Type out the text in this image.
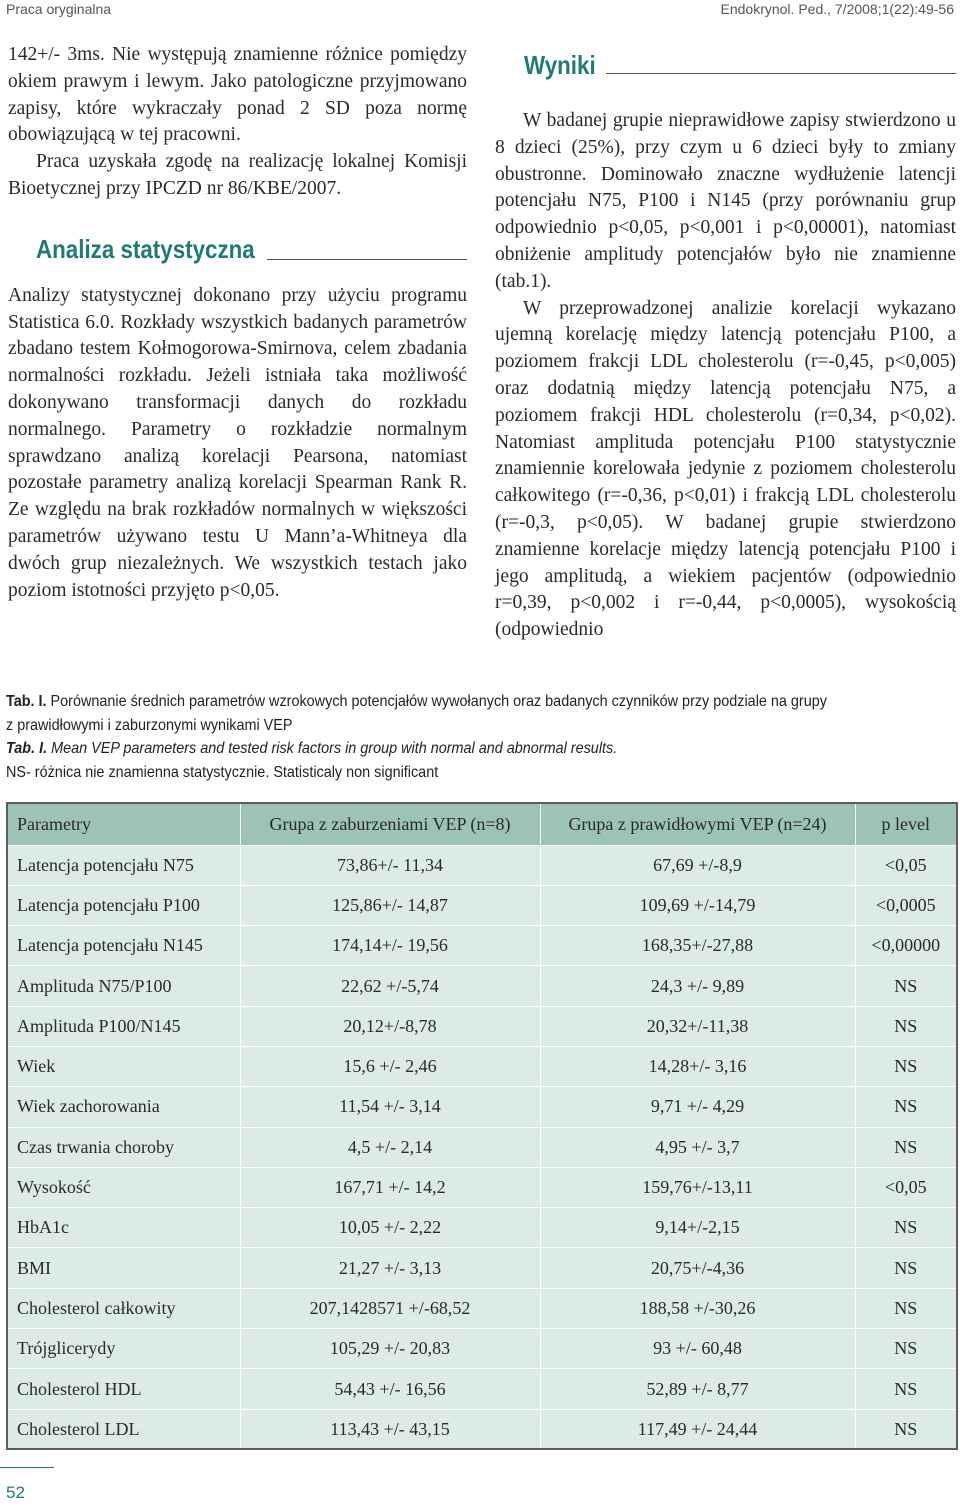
Praca oryginalna	Endokrynol. Ped., 7/2008;1(22):49-56

142+/- 3ms. Nie występują znamienne różnice pomiędzy okiem prawym i lewym. Jako patologiczne przyjmowano zapisy, które wykraczały ponad 2 SD poza normę obowiązującą w tej pracowni.

Praca uzyskała zgodę na realizację lokalnej Komisji Bioetycznej przy IPCZD nr 86/KBE/2007.

Analizy statystycznej dokonano przy użyciu programu Statistica 6.0. Rozkłady wszystkich badanych parametrów zbadano testem Kołmogorowa-Smirnova, celem zbadania normalności rozkładu. Jeżeli istniała taka możliwość dokonywano transformacji danych do rozkładu normalnego. Parametry o rozkładzie normalnym sprawdzano analizą korelacji Pearsona, natomiast pozostałe parametry analizą korelacji Spearman Rank R. Ze względu na brak rozkładów normalnych w większości parametrów używano testu U Mann’a-Whitneya dla dwóch grup niezależnych. We wszystkich testach jako poziom istotności przyjęto p<0,05.

Analiza statystyczna
Wyniki

W badanej grupie nieprawidłowe zapisy stwierdzono u 8 dzieci (25%), przy czym u 6 dzieci były to zmiany obustronne. Dominowało znaczne wydłużenie latencji potencjału N75, P100 i N145 (przy porównaniu grup odpowiednio p<0,05, p<0,001 i p<0,00001), natomiast obniżenie amplitudy potencjałów było nie znamienne (tab.1).

W przeprowadzonej analizie korelacji wykazano ujemną korelację między latencją potencjału P100, a poziomem frakcji LDL cholesterolu (r=-0,45, p<0,005) oraz dodatnią między latencją potencjału N75, a poziomem frakcji HDL cholesterolu (r=0,34, p<0,02). Natomiast amplituda potencjału P100 statystycznie znamiennie korelowała jedynie z poziomem cholesterolu całkowitego (r=-0,36, p<0,01) i frakcją LDL cholesterolu (r=-0,3, p<0,05). W badanej grupie stwierdzono znamienne korelacje między latencją potencjału P100 i jego amplitudą, a wiekiem pacjentów (odpowiednio r=0,39, p<0,002 i r=-0,44, p<0,0005), wysokością (odpowiednio

Tab. I. Porównanie średnich parametrów wzrokowych potencjałów wywołanych oraz badanych czynników przy podziale na grupy
z prawidłowymi i zaburzonymi wynikami VEP
Tab. I. Mean VEP parameters and tested risk factors in group with normal and abnormal results.
NS- różnica nie znamienna statystycznie. Statisticaly non significant
Parametry	Grupa z zaburzeniami VEP (n=8)	Grupa z prawidłowymi VEP (n=24)	p level
Latencja potencjału N75	73,86+/- 11,34	67,69 +/-8,9	<0,05
Latencja potencjału P100	125,86+/- 14,87	109,69 +/-14,79	<0,0005
Latencja potencjału N145	174,14+/- 19,56	168,35+/-27,88	<0,00000
Amplituda N75/P100	22,62 +/-5,74	24,3 +/- 9,89	NS
Amplituda P100/N145	20,12+/-8,78	20,32+/-11,38	NS
Wiek	15,6 +/- 2,46	14,28+/- 3,16	NS
Wiek zachorowania	11,54 +/- 3,14	9,71 +/- 4,29	NS
Czas trwania choroby	4,5 +/- 2,14	4,95 +/- 3,7	NS
Wysokość	167,71 +/- 14,2	159,76+/-13,11	<0,05
HbA1c	10,05 +/- 2,22	9,14+/-2,15	NS
BMI	21,27 +/- 3,13	20,75+/-4,36	NS
Cholesterol całkowity	207,1428571 +/-68,52	188,58 +/-30,26	NS
Trójglicerydy	105,29 +/- 20,83	93 +/- 60,48	NS
Cholesterol HDL	54,43 +/- 16,56	52,89 +/- 8,77	NS
Cholesterol LDL	113,43 +/- 43,15	117,49 +/- 24,44	NS
52
